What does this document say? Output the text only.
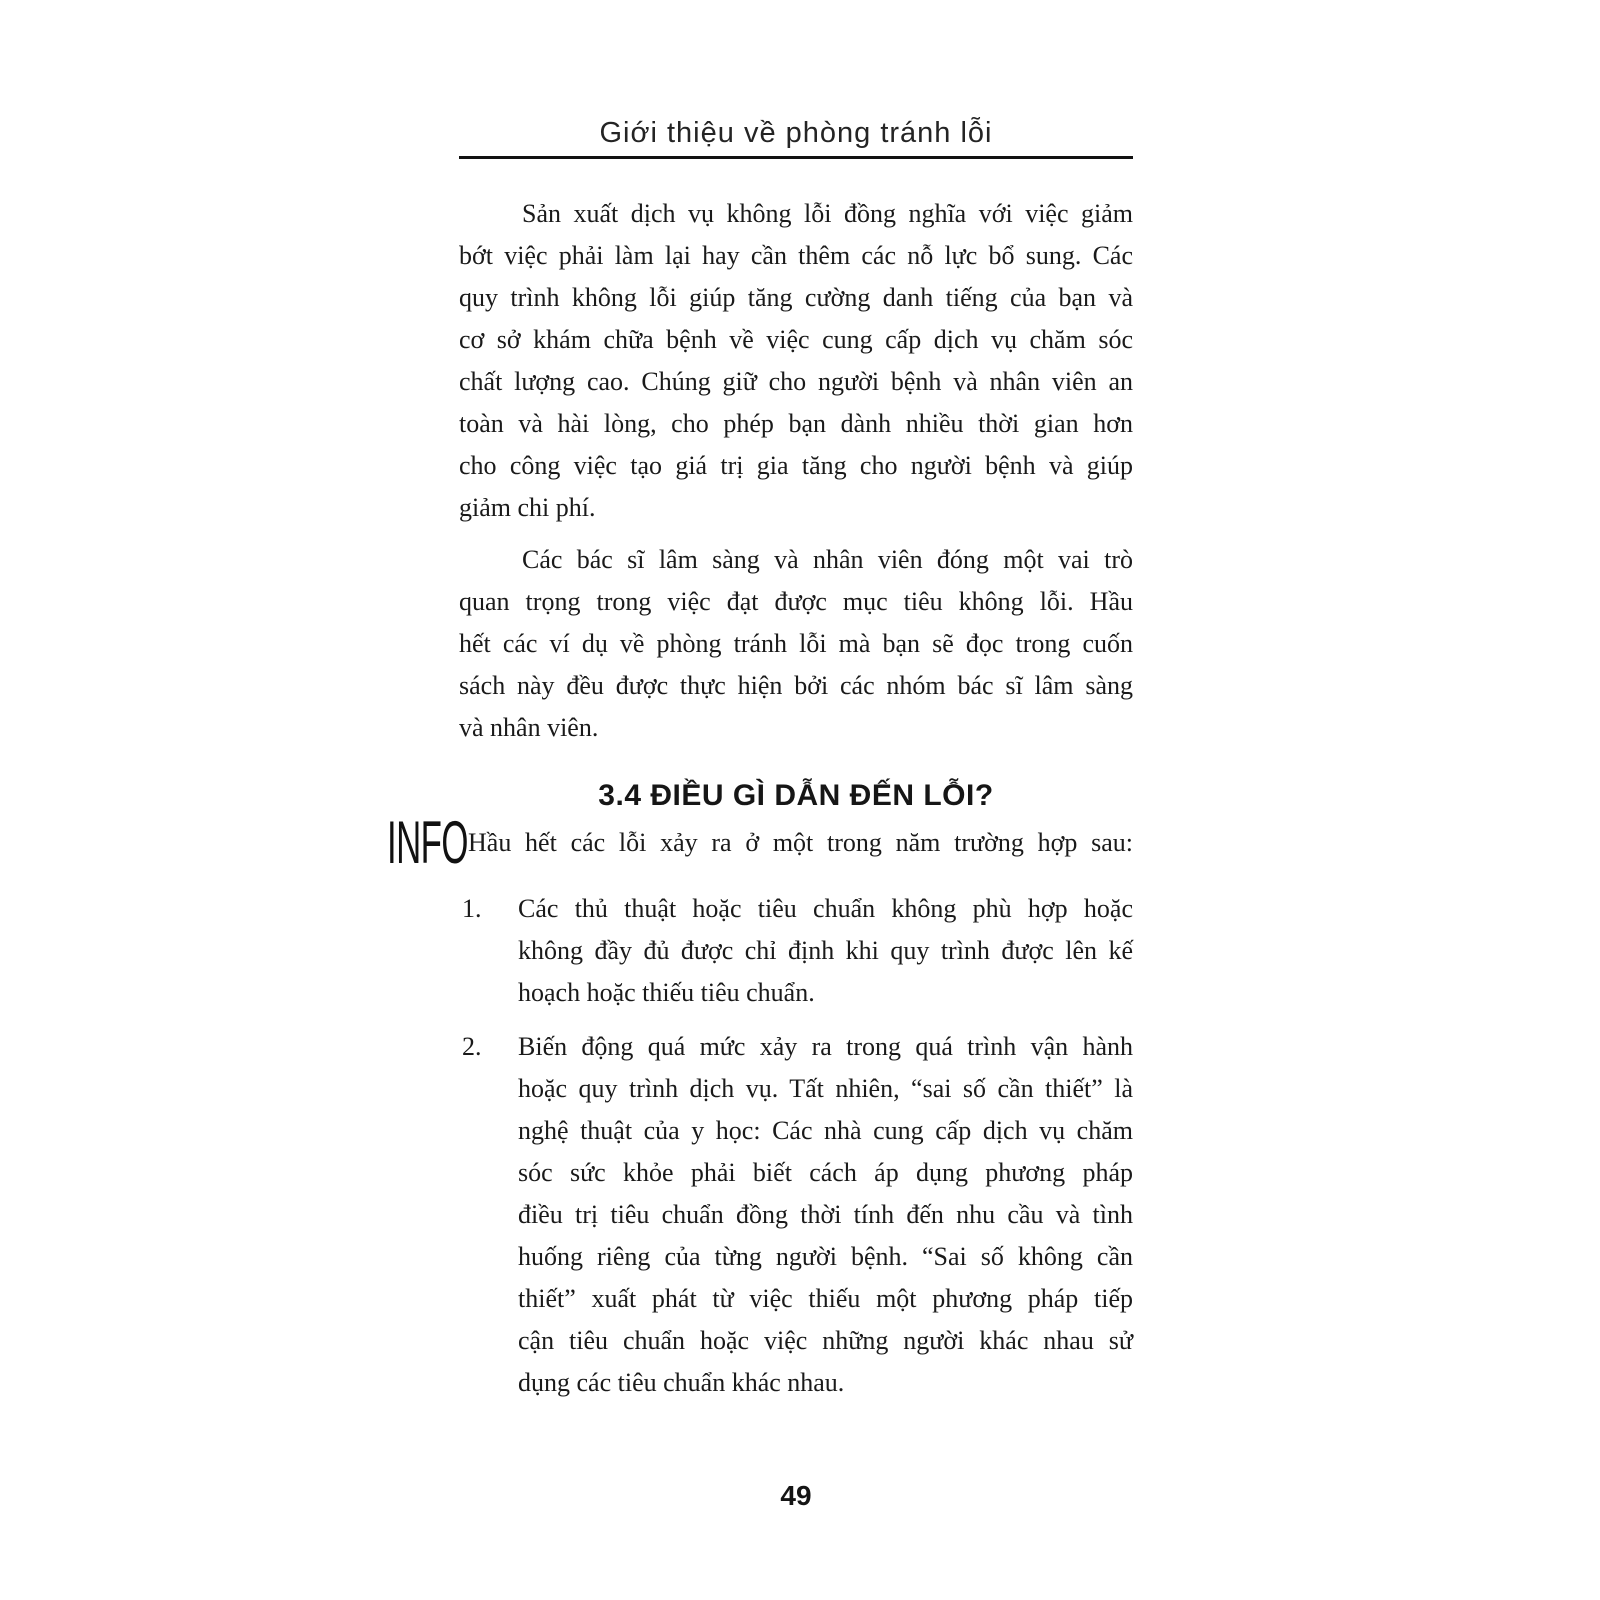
Giới thiệu về phòng tránh lỗi
Sản xuất dịch vụ không lỗi đồng nghĩa với việc giảm
bớt việc phải làm lại hay cần thêm các nỗ lực bổ sung. Các
quy trình không lỗi giúp tăng cường danh tiếng của bạn và
cơ sở khám chữa bệnh về việc cung cấp dịch vụ chăm sóc
chất lượng cao. Chúng giữ cho người bệnh và nhân viên an
toàn và hài lòng, cho phép bạn dành nhiều thời gian hơn
cho công việc tạo giá trị gia tăng cho người bệnh và giúp
giảm chi phí.
Các bác sĩ lâm sàng và nhân viên đóng một vai trò
quan trọng trong việc đạt được mục tiêu không lỗi. Hầu
hết các ví dụ về phòng tránh lỗi mà bạn sẽ đọc trong cuốn
sách này đều được thực hiện bởi các nhóm bác sĩ lâm sàng
và nhân viên.
3.4 ĐIỀU GÌ DẪN ĐẾN LỖI?
INFO Hầu hết các lỗi xảy ra ở một trong năm trường hợp sau:
1. Các thủ thuật hoặc tiêu chuẩn không phù hợp hoặc
không đầy đủ được chỉ định khi quy trình được lên kế
hoạch hoặc thiếu tiêu chuẩn.
2. Biến động quá mức xảy ra trong quá trình vận hành
hoặc quy trình dịch vụ. Tất nhiên, “sai số cần thiết” là
nghệ thuật của y học: Các nhà cung cấp dịch vụ chăm
sóc sức khỏe phải biết cách áp dụng phương pháp
điều trị tiêu chuẩn đồng thời tính đến nhu cầu và tình
huống riêng của từng người bệnh. “Sai số không cần
thiết” xuất phát từ việc thiếu một phương pháp tiếp
cận tiêu chuẩn hoặc việc những người khác nhau sử
dụng các tiêu chuẩn khác nhau.
49
